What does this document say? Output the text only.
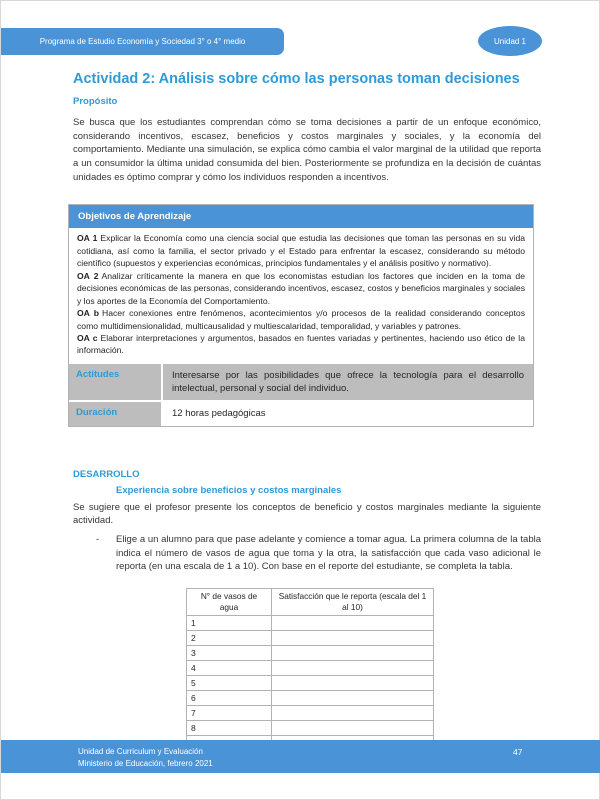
Programa de Estudio Economía y Sociedad 3° o 4° medio	Unidad 1
Actividad 2: Análisis sobre cómo las personas toman decisiones
Propósito

Se busca que los estudiantes comprendan cómo se toma decisiones a partir de un enfoque económico, considerando incentivos, escasez, beneficios y costos marginales y sociales, y la economía del comportamiento. Mediante una simulación, se explica cómo cambia el valor marginal de la utilidad que reporta a un consumidor la última unidad consumida del bien. Posteriormente se profundiza en la decisión de cuántas unidades es óptimo comprar y cómo los individuos responden a incentivos.

Objetivos de Aprendizaje

OA 1 Explicar la Economía como una ciencia social que estudia las decisiones que toman las personas en su vida cotidiana, así como la familia, el sector privado y el Estado para enfrentar la escasez, considerando su método científico (supuestos y experiencias económicas, principios fundamentales y el análisis positivo y normativo).

OA 2 Analizar críticamente la manera en que los economistas estudian los factores que inciden en la toma de decisiones económicas de las personas, considerando incentivos, escasez, costos y beneficios marginales y sociales y los aportes de la Economía del Comportamiento.

OA b Hacer conexiones entre fenómenos, acontecimientos y/o procesos de la realidad considerando conceptos como multidimensionalidad, multicausalidad y multiescalaridad, temporalidad, y variables y patrones.

OA c Elaborar interpretaciones y argumentos, basados en fuentes variadas y pertinentes, haciendo uso ético de la información.

Actitudes	Interesarse por las posibilidades que ofrece la tecnología para el desarrollo intelectual, personal y social del individuo.
Duración	12 horas pedagógicas
DESARROLLO
Experiencia sobre beneficios y costos marginales

Se sugiere que el profesor presente los conceptos de beneficio y costos marginales mediante la siguiente actividad.

-	Elige a un alumno para que pase adelante y comience a tomar agua. La primera columna de la tabla indica el número de vasos de agua que toma y la otra, la satisfacción que cada vaso adicional le reporta (en una escala de 1 a 10). Con base en el reporte del estudiante, se completa la tabla.

N° de vasos de agua	Satisfacción que le reporta (escala del 1 al 10)
1	
2	
3	
4	
5	
6	
7	
8	

Unidad de Curriculum y Evaluación
Ministerio de Educación, febrero 2021
47
